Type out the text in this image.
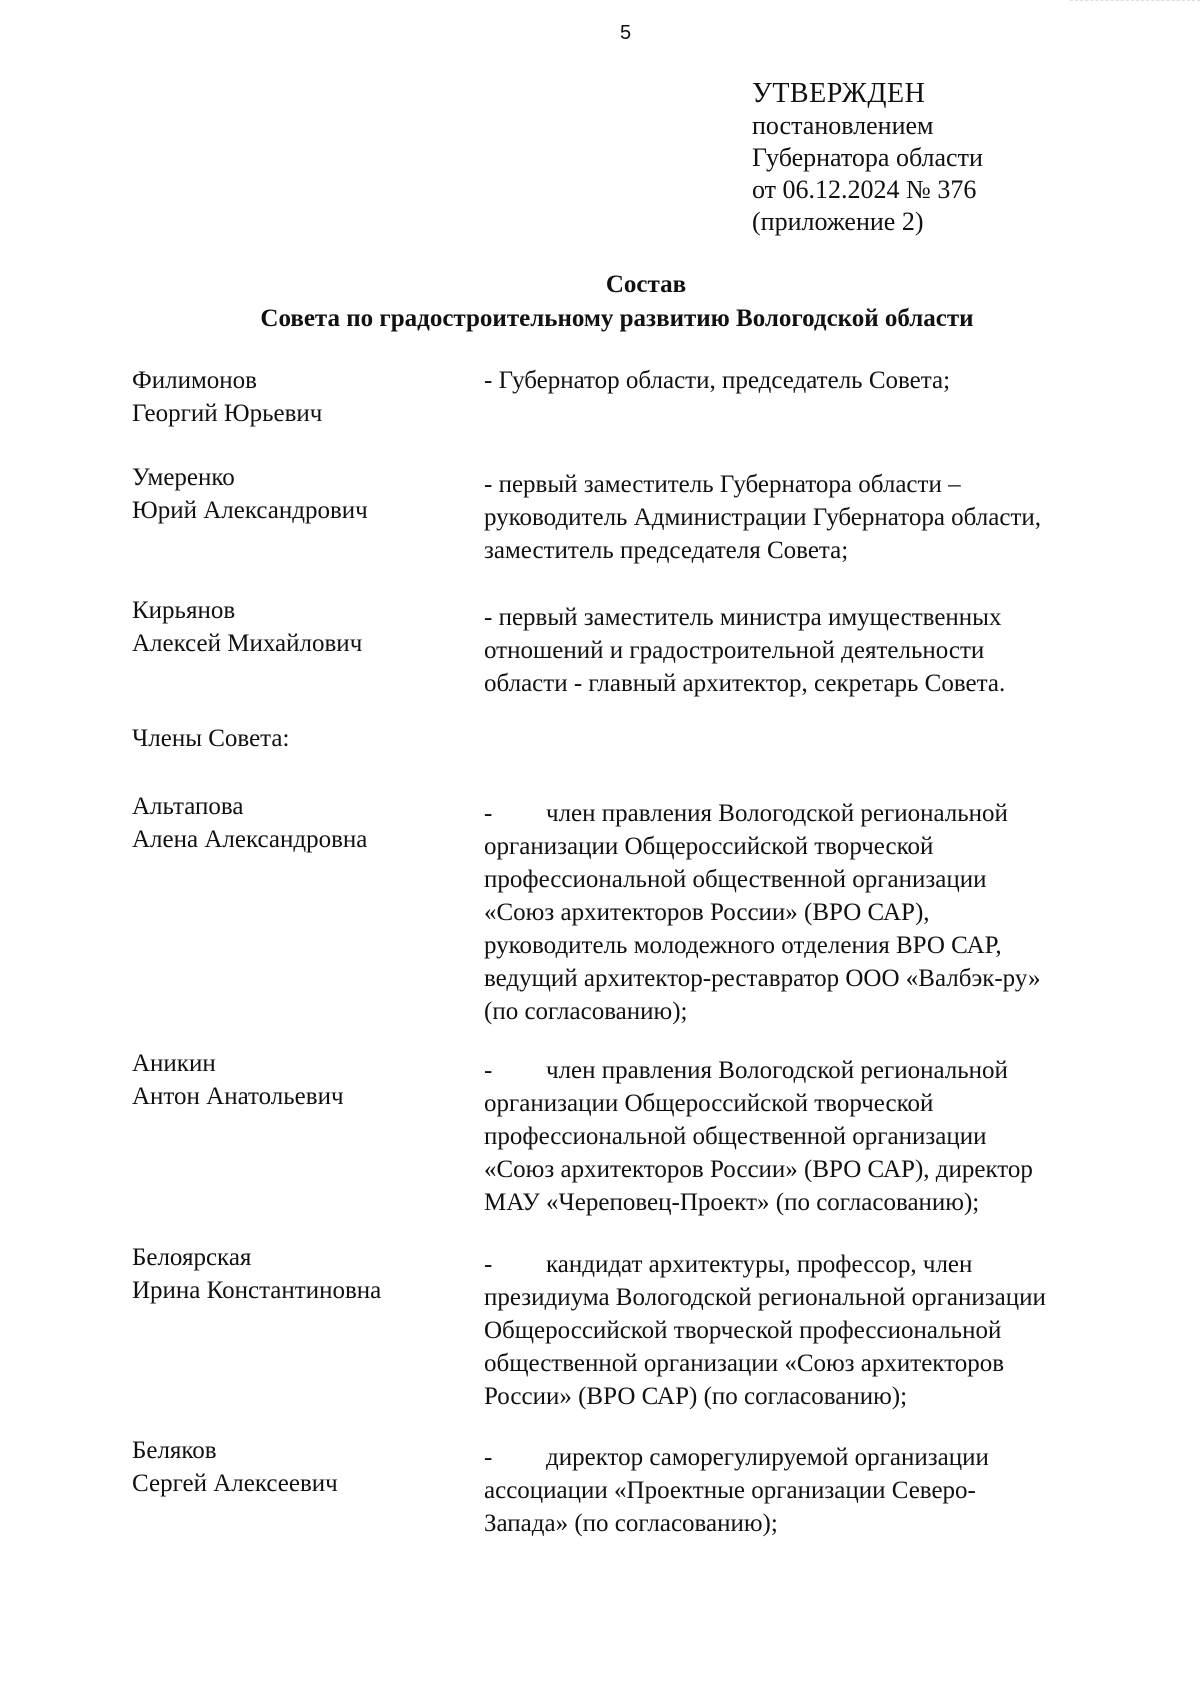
5
УТВЕРЖДЕН
постановлением
Губернатора области
от 06.12.2024 № 376
(приложение 2)
Состав
Совета по градостроительному развитию Вологодской области
Филимонов
Георгий Юрьевич
- Губернатор области, председатель Совета;
Умеренко
Юрий Александрович
- первый заместитель Губернатора области –
руководитель Администрации Губернатора области,
заместитель председателя Совета;
Кирьянов
Алексей Михайлович
- первый заместитель министра имущественных
отношений и градостроительной деятельности
области - главный архитектор, секретарь Совета.
Члены Совета:
Альтапова
Алена Александровна
- член правления Вологодской региональной
организации Общероссийской творческой
профессиональной общественной организации
«Союз архитекторов России» (ВРО САР),
руководитель молодежного отделения ВРО САР,
ведущий архитектор-реставратор ООО «Валбэк-ру»
(по согласованию);
Аникин
Антон Анатольевич
- член правления Вологодской региональной
организации Общероссийской творческой
профессиональной общественной организации
«Союз архитекторов России» (ВРО САР), директор
МАУ «Череповец-Проект» (по согласованию);
Белоярская
Ирина Константиновна
- кандидат архитектуры, профессор, член
президиума Вологодской региональной организации
Общероссийской творческой профессиональной
общественной организации «Союз архитекторов
России» (ВРО САР) (по согласованию);
Беляков
Сергей Алексеевич
- директор саморегулируемой организации
ассоциации «Проектные организации Северо-
Запада» (по согласованию);
